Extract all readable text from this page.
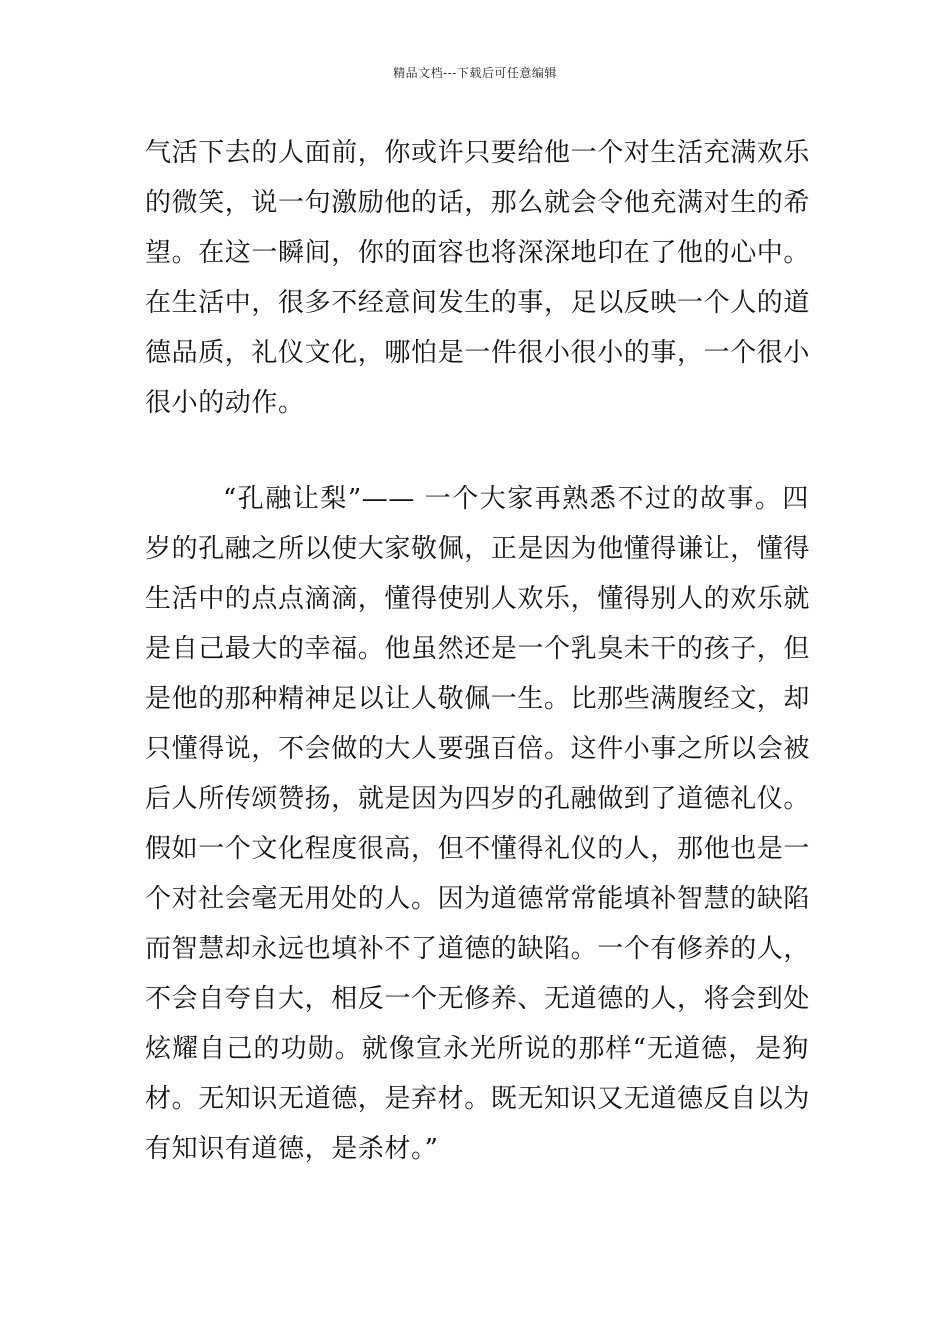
精品文档---下载后可任意编辑
气活下去的人面前，你或许只要给他一个对生活充满欢乐
的微笑，说一句激励他的话，那么就会令他充满对生的希
望。在这一瞬间，你的面容也将深深地印在了他的心中。
在生活中，很多不经意间发生的事，足以反映一个人的道
德品质，礼仪文化，哪怕是一件很小很小的事，一个很小
很小的动作。
“孔融让梨”—— 一个大家再熟悉不过的故事。四
岁的孔融之所以使大家敬佩，正是因为他懂得谦让，懂得
生活中的点点滴滴，懂得使别人欢乐，懂得别人的欢乐就
是自己最大的幸福。他虽然还是一个乳臭未干的孩子，但
是他的那种精神足以让人敬佩一生。比那些满腹经文，却
只懂得说，不会做的大人要强百倍。这件小事之所以会被
后人所传颂赞扬，就是因为四岁的孔融做到了道德礼仪。
假如一个文化程度很高，但不懂得礼仪的人，那他也是一
个对社会毫无用处的人。因为道德常常能填补智慧的缺陷
而智慧却永远也填补不了道德的缺陷。一个有修养的人，
不会自夸自大，相反一个无修养、无道德的人，将会到处
炫耀自己的功勋。就像宣永光所说的那样“无道德，是狗
材。无知识无道德，是弃材。既无知识又无道德反自以为
有知识有道德，是杀材。”
